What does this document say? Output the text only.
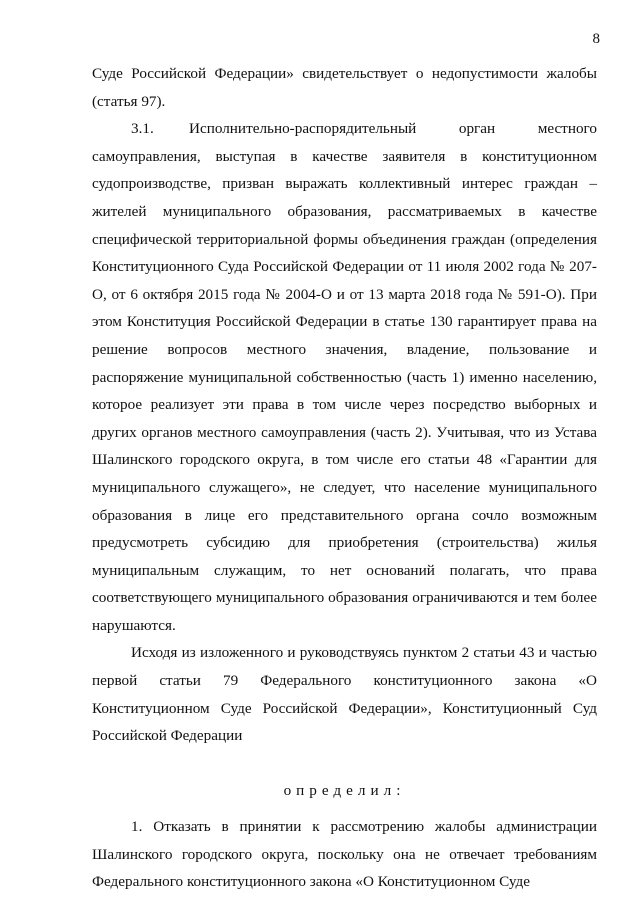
8

Суде Российской Федерации» свидетельствует о недопустимости жалобы (статья 97).

3.1. Исполнительно-распорядительный орган местного самоуправления, выступая в качестве заявителя в конституционном судопроизводстве, призван выражать коллективный интерес граждан – жителей муниципального образования, рассматриваемых в качестве специфической территориальной формы объединения граждан (определения Конституционного Суда Российской Федерации от 11 июля 2002 года № 207-О, от 6 октября 2015 года № 2004-О и от 13 марта 2018 года № 591-О). При этом Конституция Российской Федерации в статье 130 гарантирует права на решение вопросов местного значения, владение, пользование и распоряжение муниципальной собственностью (часть 1) именно населению, которое реализует эти права в том числе через посредство выборных и других органов местного самоуправления (часть 2). Учитывая, что из Устава Шалинского городского округа, в том числе его статьи 48 «Гарантии для муниципального служащего», не следует, что население муниципального образования в лице его представительного органа сочло возможным предусмотреть субсидию для приобретения (строительства) жилья муниципальным служащим, то нет оснований полагать, что права соответствующего муниципального образования ограничиваются и тем более нарушаются.

Исходя из изложенного и руководствуясь пунктом 2 статьи 43 и частью первой статьи 79 Федерального конституционного закона «О Конституционном Суде Российской Федерации», Конституционный Суд Российской Федерации

определил:

1. Отказать в принятии к рассмотрению жалобы администрации Шалинского городского округа, поскольку она не отвечает требованиям Федерального конституционного закона «О Конституционном Суде
